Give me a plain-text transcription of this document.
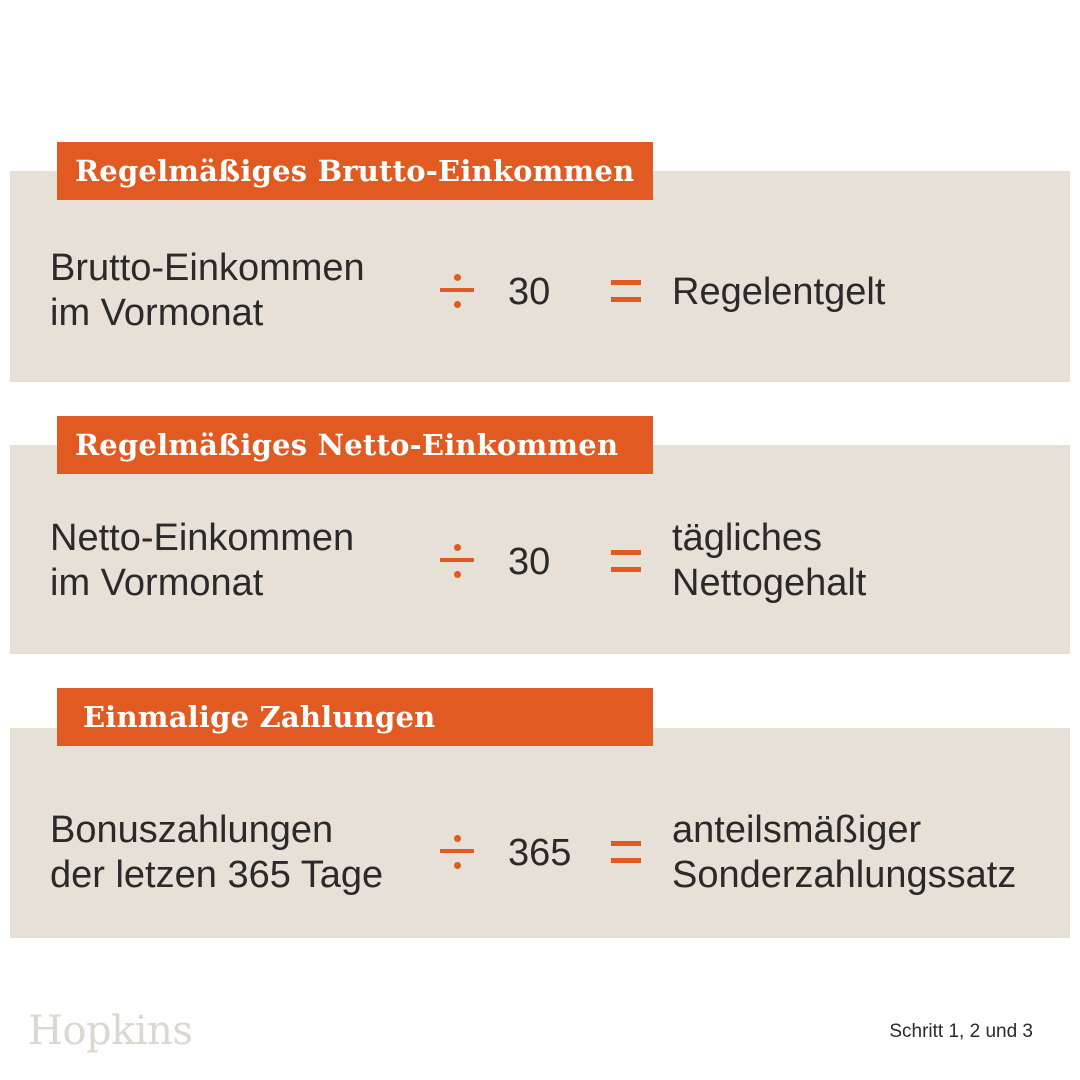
Regelmäßiges Brutto-Einkommen
Brutto-Einkommen
im Vormonat	30	Regelentgelt
Regelmäßiges Netto-Einkommen
Netto-Einkommen
im Vormonat	30
tägliches
Nettogehalt
Einmalige Zahlungen
Bonuszahlungen
der letzen 365 Tage
365
anteilsmäßiger
Sonderzahlungssatz
Hopkins	Schritt 1, 2 und 3
